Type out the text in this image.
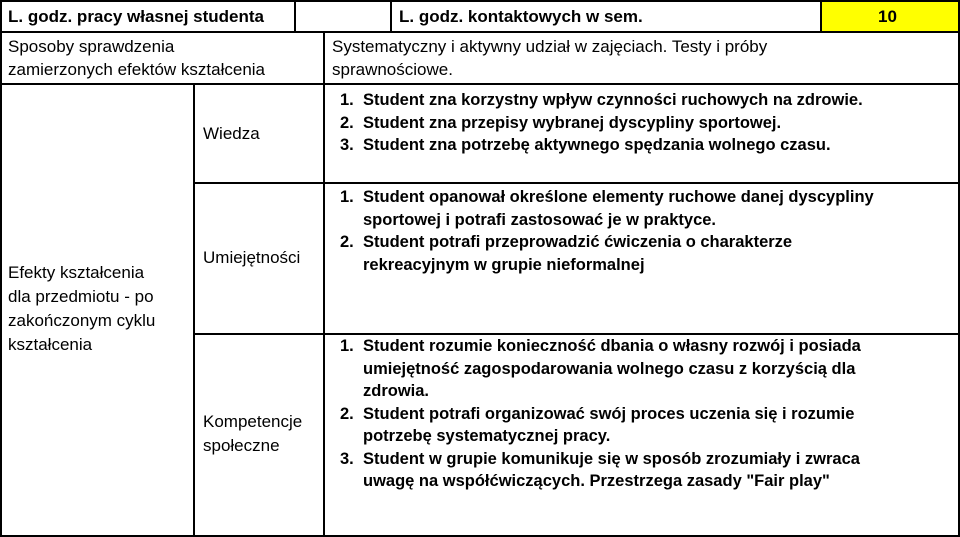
L. godz. pracy własnej studenta	L. godz. kontaktowych w sem.	10
Sposoby sprawdzenia
zamierzonych efektów kształcenia
Systematyczny i aktywny udział w zajęciach. Testy i próby
sprawnościowe.
Efekty kształcenia
dla przedmiotu - po
zakończonym cyklu
kształcenia
Wiedza
Umiejętności
Kompetencje
społeczne
1. Student zna korzystny wpływ czynności ruchowych na zdrowie.
2. Student zna przepisy wybranej dyscypliny sportowej.
3. Student zna potrzebę aktywnego spędzania wolnego czasu.
1. Student opanował określone elementy ruchowe danej dyscypliny
sportowej i potrafi zastosować je w praktyce.
2. Student potrafi przeprowadzić ćwiczenia o charakterze
rekreacyjnym w grupie nieformalnej
1. Student rozumie konieczność dbania o własny rozwój i posiada
umiejętność zagospodarowania wolnego czasu z korzyścią dla
zdrowia.
2. Student potrafi organizować swój proces uczenia się i rozumie
potrzebę systematycznej pracy.
3. Student w grupie komunikuje się w sposób zrozumiały i zwraca
uwagę na współćwiczących. Przestrzega zasady "Fair play"
